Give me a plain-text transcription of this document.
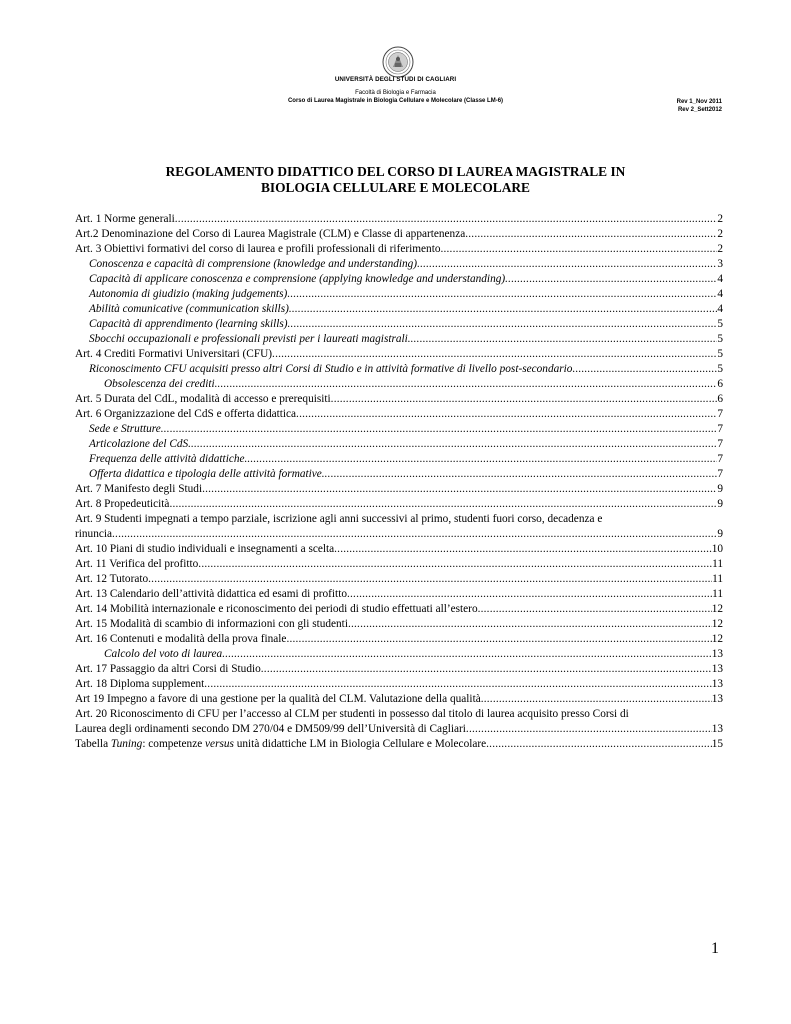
UNIVERSITÀ DEGLI STUDI DI CAGLIARI
Facoltà di Biologia e Farmacia
Corso di Laurea Magistrale in Biologia Cellulare e Molecolare (Classe LM-6)	Rev 1_Nov 2011
Rev 2_Sett2012
REGOLAMENTO DIDATTICO DEL CORSO DI LAUREA MAGISTRALE IN
BIOLOGIA CELLULARE E MOLECOLARE
Art. 1 Norme generali .....	2
Art.2 Denominazione del Corso di Laurea Magistrale (CLM) e Classe di appartenenza .....	2
Art. 3 Obiettivi formativi del corso di laurea e profili professionali di riferimento .....	2
Conoscenza e capacità di comprensione (knowledge and understanding) .....	3
Capacità di applicare conoscenza e comprensione (applying knowledge and understanding) .....	4
Autonomia di giudizio (making judgements) .....	4
Abilità comunicative (communication skills) .....	4
Capacità di apprendimento (learning skills) .....	5
Sbocchi occupazionali e professionali previsti per i laureati magistrali. .....	5
Art. 4 Crediti Formativi Universitari (CFU) .....	5
Riconoscimento CFU acquisiti presso altri Corsi di Studio e in attività formative di livello post-secondario .....	5
Obsolescenza dei crediti. .....	6
Art. 5 Durata del CdL, modalità di accesso e prerequisiti .....	6
Art. 6 Organizzazione del CdS e offerta didattica .....	7
Sede e Strutture .....	7
Articolazione del CdS. .....	7
Frequenza delle attività didattiche. .....	7
Offerta didattica e tipologia delle attività formative. .....	7
Art. 7 Manifesto degli Studi .....	9
Art. 8 Propedeuticità .....	9
Art. 9 Studenti impegnati a tempo parziale, iscrizione agli anni successivi al primo, studenti fuori corso, decadenza e
rinuncia .....	9
Art. 10 Piani di studio individuali e insegnamenti a scelta .....	10
Art. 11 Verifica del profitto .....	11
Art. 12 Tutorato .....	11
Art. 13 Calendario dell’attività didattica ed esami di profitto .....	11
Art. 14 Mobilità internazionale e riconoscimento dei periodi di studio effettuati all’estero .....	12
Art. 15 Modalità di scambio di informazioni con gli studenti .....	12
Art. 16 Contenuti e modalità della prova finale .....	12
Calcolo del voto di laurea .....	13
Art. 17 Passaggio da altri Corsi di Studio .....	13
Art. 18 Diploma supplement .....	13
Art 19 Impegno a favore di una gestione per la qualità del CLM. Valutazione della qualità .....	13
Art. 20 Riconoscimento di CFU per l’accesso al CLM per studenti in possesso dal titolo di laurea acquisito presso Corsi di
Laurea degli ordinamenti secondo DM 270/04 e DM509/99 dell’Università di Cagliari .....	13
Tabella Tuning: competenze versus unità didattiche LM in Biologia Cellulare e Molecolare .....	15
1
